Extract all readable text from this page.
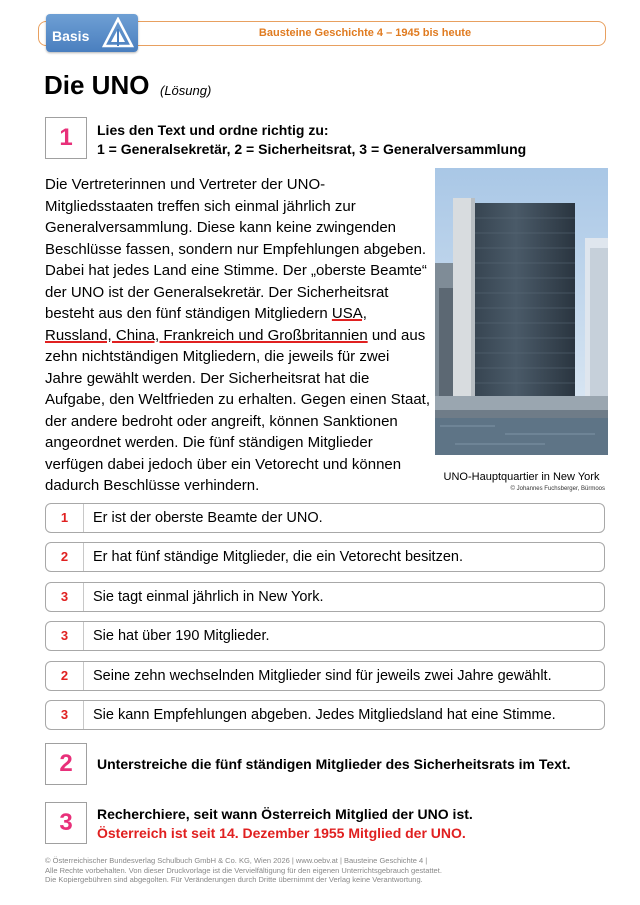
Bausteine Geschichte 4 – 1945 bis heute
Basis
Die UNO (Lösung)
1	Lies den Text und ordne richtig zu:
1 = Generalsekretär, 2 = Sicherheitsrat, 3 = Generalversammlung
Die Vertreterinnen und Vertreter der UNO-
Mitgliedsstaaten treffen sich einmal jährlich zur
Generalversammlung. Diese kann keine zwingenden
Beschlüsse fassen, sondern nur Empfehlungen abgeben.
Dabei hat jedes Land eine Stimme. Der „oberste Beamte“
der UNO ist der Generalsekretär. Der Sicherheitsrat
besteht aus den fünf ständigen Mitgliedern USA,
Russland, China, Frankreich und Großbritannien und aus
zehn nichtständigen Mitgliedern, die jeweils für zwei
Jahre gewählt werden. Der Sicherheitsrat hat die
Aufgabe, den Weltfrieden zu erhalten. Gegen einen Staat,
der andere bedroht oder angreift, können Sanktionen
angeordnet werden. Die fünf ständigen Mitglieder
verfügen dabei jedoch über ein Vetorecht und können
dadurch Beschlüsse verhindern.	UNO-Hauptquartier in New York
© Johannes Fuchsberger, Bürmoos
1	Er ist der oberste Beamte der UNO.
2	Er hat fünf ständige Mitglieder, die ein Vetorecht besitzen.
3	Sie tagt einmal jährlich in New York.
3	Sie hat über 190 Mitglieder.
2	Seine zehn wechselnden Mitglieder sind für jeweils zwei Jahre gewählt.
3	Sie kann Empfehlungen abgeben. Jedes Mitgliedsland hat eine Stimme.
2	Unterstreiche die fünf ständigen Mitglieder des Sicherheitsrats im Text.
3	Recherchiere, seit wann Österreich Mitglied der UNO ist.
Österreich ist seit 14. Dezember 1955 Mitglied der UNO.
© Österreichischer Bundesverlag Schulbuch GmbH & Co. KG, Wien 2026 | www.oebv.at | Bausteine Geschichte 4 |
Alle Rechte vorbehalten. Von dieser Druckvorlage ist die Vervielfältigung für den eigenen Unterrichtsgebrauch gestattet.
Die Kopiergebühren sind abgegolten. Für Veränderungen durch Dritte übernimmt der Verlag keine Verantwortung.
